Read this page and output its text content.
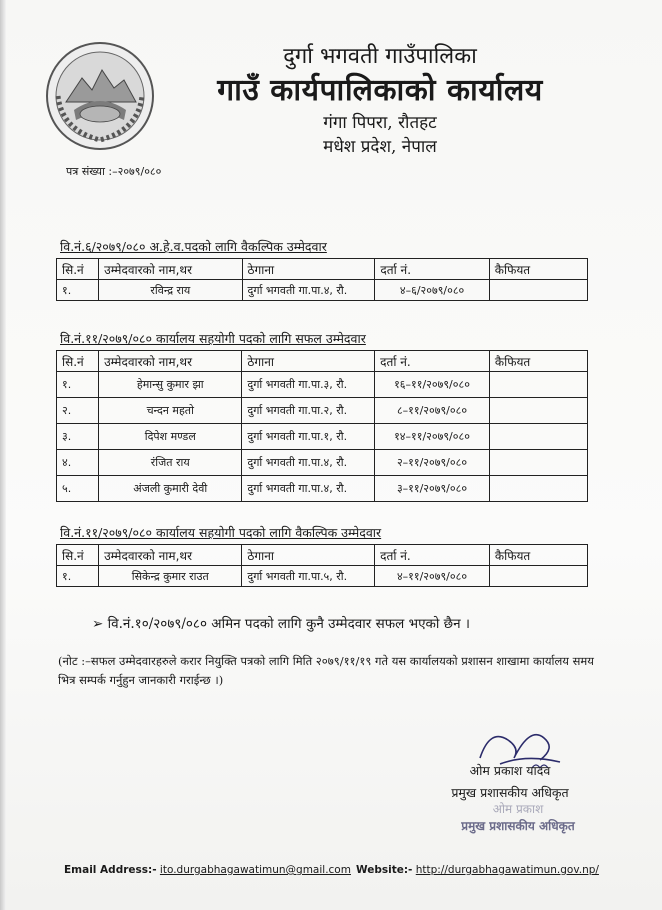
दुर्गा भगवती गाउँपालिका
गाउँ कार्यपालिकाको कार्यालय
गंगा पिपरा, रौतहट
मधेश प्रदेश, नेपाल
पत्र संख्या :–२०७९/०८०
वि.नं.६/२०७९/०८० अ.हे.व.पदको लागि वैकल्पिक उम्मेदवार
सि.नं	उम्मेदवारको नाम,थर	ठेगाना	दर्ता नं.	कैफियत
१.	रविन्द्र राय	दुर्गा भगवती गा.पा.४, रौ.	४–६/२०७९/०८०	
वि.नं.११/२०७९/०८० कार्यालय सहयोगी पदको लागि सफल उम्मेदवार
सि.नं	उम्मेदवारको नाम,थर	ठेगाना	दर्ता नं.	कैफियत
१.	हेमान्सु कुमार झा	दुर्गा भगवती गा.पा.३, रौ.	१६–११/२०७९/०८०	
२.	चन्दन महतो	दुर्गा भगवती गा.पा.२, रौ.	८–११/२०७९/०८०	
३.	दिपेश मण्डल	दुर्गा भगवती गा.पा.१, रौ.	१४–११/२०७९/०८०	
४.	रंजित राय	दुर्गा भगवती गा.पा.४, रौ.	२–११/२०७९/०८०	
५.	अंजली कुमारी देवी	दुर्गा भगवती गा.पा.४, रौ.	३–११/२०७९/०८०	
वि.नं.११/२०७९/०८० कार्यालय सहयोगी पदको लागि वैकल्पिक उम्मेदवार
सि.नं	उम्मेदवारको नाम,थर	ठेगाना	दर्ता नं.	कैफियत
१.	सिकेन्द्र कुमार राउत	दुर्गा भगवती गा.पा.५, रौ.	४–११/२०७९/०८०	
➢ वि.नं.१०/२०७९/०८० अमिन पदको लागि कुनै उम्मेदवार सफल भएको छैन ।
(नोट :–सफल उम्मेदवारहरुले करार नियुक्ति पत्रको लागि मिति २०७९/११/१९ गते यस कार्यालयको प्रशासन शाखामा कार्यालय समय भित्र सम्पर्क गर्नुहुन जानकारी गराईन्छ ।)
ओम प्रकाश यादव
प्रमुख प्रशासकीय अधिकृत
ओम प्रकाश
प्रमुख प्रशासकीय अधिकृत
Email Address:- ito.durgabhagawatimun@gmail.com Website:- http://durgabhagawatimun.gov.np/
